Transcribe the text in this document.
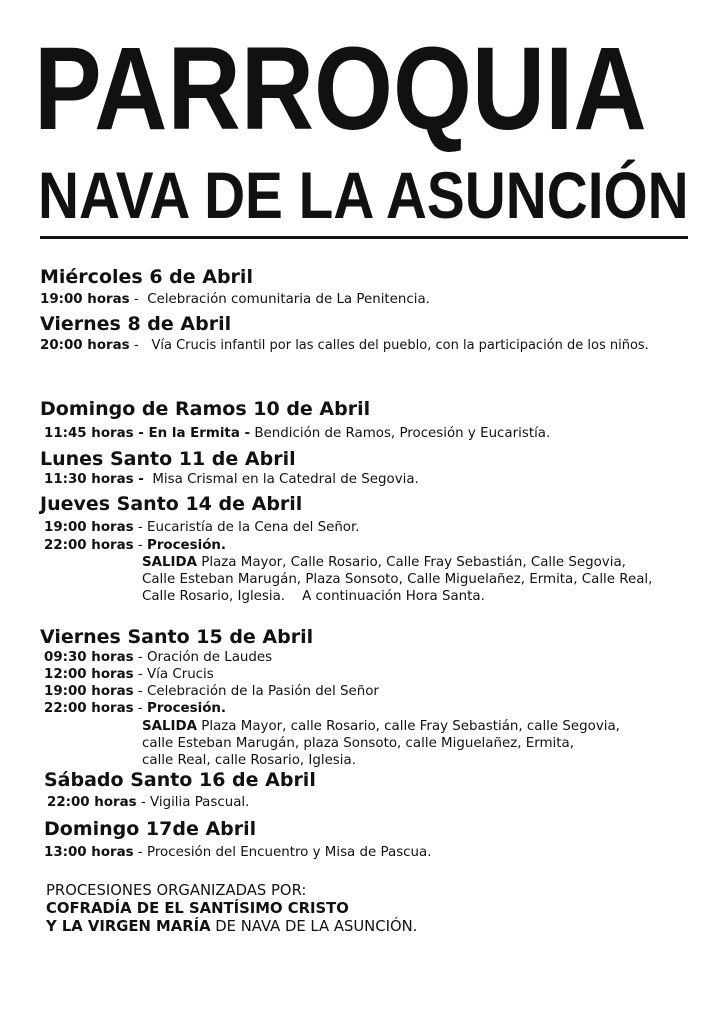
PARROQUIA
NAVA DE LA ASUNCIÓN
Miércoles 6 de Abril
19:00 horas -  Celebración comunitaria de La Penitencia.
Viernes 8 de Abril
20:00 horas -   Vía Crucis infantil por las calles del pueblo, con la participación de los niños.
Domingo de Ramos 10 de Abril
11:45 horas - En la Ermita - Bendición de Ramos, Procesión y Eucaristía.
Lunes Santo 11 de Abril
11:30 horas - Misa Crismal en la Catedral de Segovia.
Jueves Santo 14 de Abril
19:00 horas - Eucaristía de la Cena del Señor.
22:00 horas - Procesión.
SALIDA Plaza Mayor, Calle Rosario, Calle Fray Sebastián, Calle Segovia,
Calle Esteban Marugán, Plaza Sonsoto, Calle Miguelañez, Ermita, Calle Real,
Calle Rosario, Iglesia.    A continuación Hora Santa.
Viernes Santo 15 de Abril
09:30 horas - Oración de Laudes
12:00 horas - Vía Crucis
19:00 horas - Celebración de la Pasión del Señor
22:00 horas - Procesión.
SALIDA Plaza Mayor, calle Rosario, calle Fray Sebastián, calle Segovia,
calle Esteban Marugán, plaza Sonsoto, calle Miguelañez, Ermita,
calle Real, calle Rosario, Iglesia.
Sábado Santo 16 de Abril
22:00 horas - Vigilia Pascual.
Domingo 17de Abril
13:00 horas - Procesión del Encuentro y Misa de Pascua.
PROCESIONES ORGANIZADAS POR:
COFRADÍA DE EL SANTÍSIMO CRISTO
Y LA VIRGEN MARÍA DE NAVA DE LA ASUNCIÓN.
